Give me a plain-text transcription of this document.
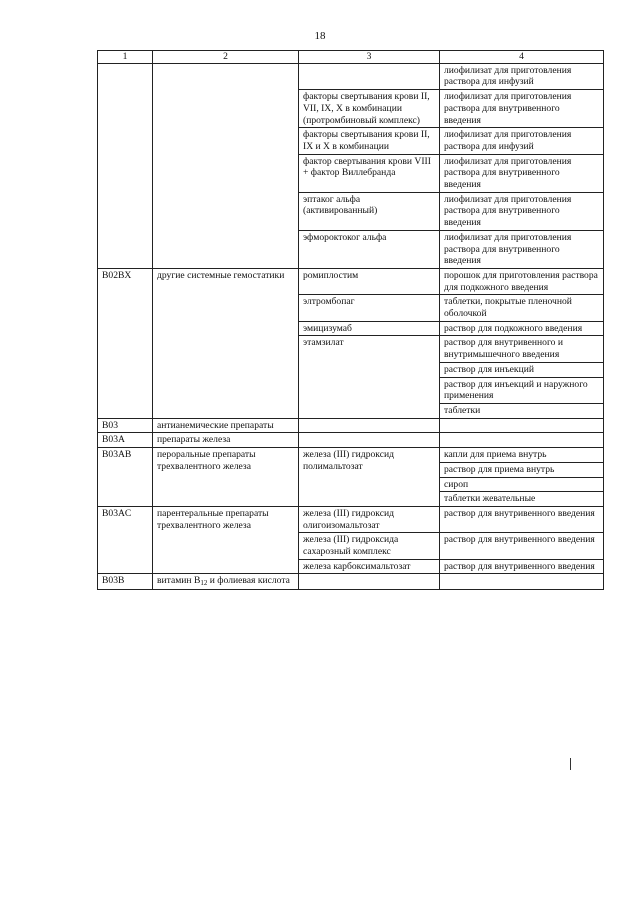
18
1	2	3	4
			лиофилизат для приготовления раствора для инфузий
		факторы свертывания крови II, VII, IX, X в комбинации (протромбиновый комплекс)	лиофилизат для приготовления раствора для внутривенного введения
		факторы свертывания крови II, IX и X в комбинации	лиофилизат для приготовления раствора для инфузий
		фактор свертывания крови VIII + фактор Виллебранда	лиофилизат для приготовления раствора для внутривенного введения
		эптаког альфа (активированный)	лиофилизат для приготовления раствора для внутривенного введения
		эфмороктоког альфа	лиофилизат для приготовления раствора для внутривенного введения
B02BX	другие системные гемостатики	ромиплостим	порошок для приготовления раствора для подкожного введения
		элтромбопаг	таблетки, покрытые пленочной оболочкой
		эмицизумаб	раствор для подкожного введения
		этамзилат	раствор для внутривенного и внутримышечного введения
			раствор для инъекций
			раствор для инъекций и наружного применения
			таблетки
B03	антианемические препараты		
B03A	препараты железа		
B03AB	пероральные препараты трехвалентного железа	железа (III) гидроксид полимальтозат	капли для приема внутрь
			раствор для приема внутрь
			сироп
			таблетки жевательные
B03AC	парентеральные препараты трехвалентного железа	железа (III) гидроксид олигоизомальтозат	раствор для внутривенного введения
		железа (III) гидроксида сахарозный комплекс	раствор для внутривенного введения
		железа карбоксимальтозат	раствор для внутривенного введения
B03B	витамин $B_{12}$ и фолиевая кислота		
